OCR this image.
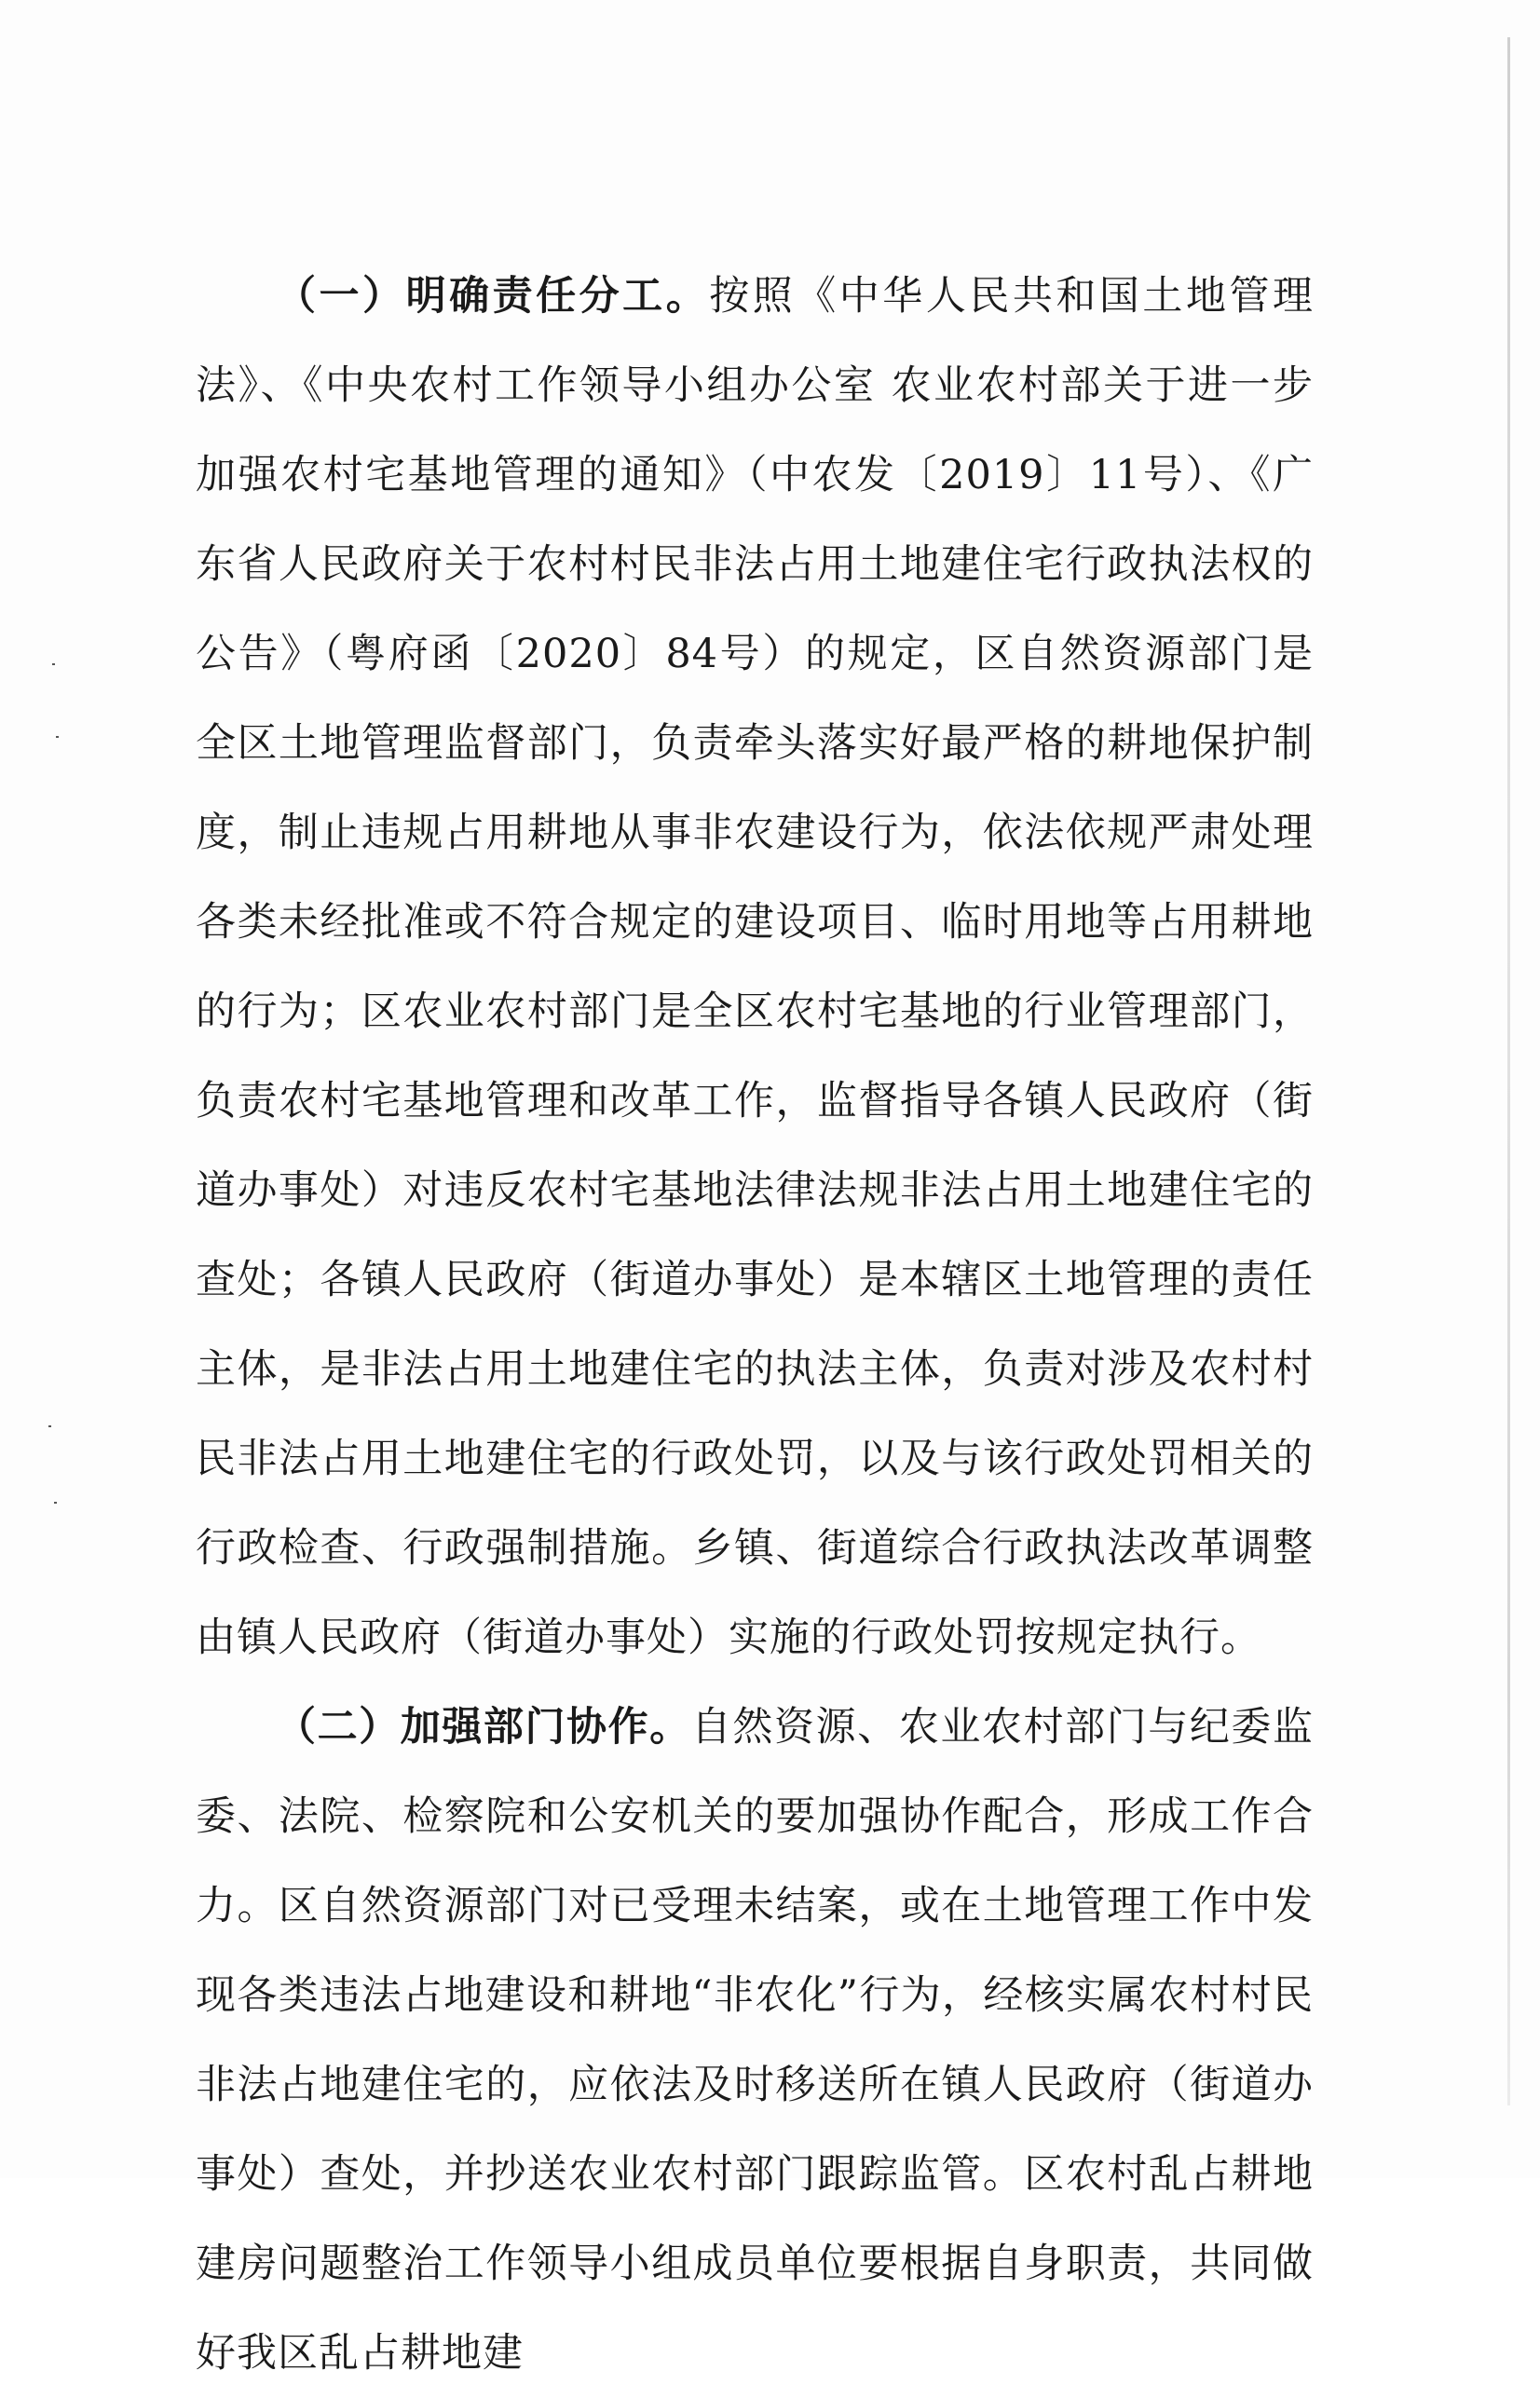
（一）明确责任分工。按照《中华人民共和国土地管理法》、《中央农村工作领导小组办公室 农业农村部关于进一步加强农村宅基地管理的通知》（中农发〔2019〕11号）、《广东省人民政府关于农村村民非法占用土地建住宅行政执法权的公告》（粤府函〔2020〕84号）的规定，区自然资源部门是全区土地管理监督部门，负责牵头落实好最严格的耕地保护制度，制止违规占用耕地从事非农建设行为，依法依规严肃处理各类未经批准或不符合规定的建设项目、临时用地等占用耕地的行为；区农业农村部门是全区农村宅基地的行业管理部门，负责农村宅基地管理和改革工作，监督指导各镇人民政府（街道办事处）对违反农村宅基地法律法规非法占用土地建住宅的查处；各镇人民政府（街道办事处）是本辖区土地管理的责任主体，是非法占用土地建住宅的执法主体，负责对涉及农村村民非法占用土地建住宅的行政处罚，以及与该行政处罚相关的行政检查、行政强制措施。乡镇、街道综合行政执法改革调整由镇人民政府（街道办事处）实施的行政处罚按规定执行。

（二）加强部门协作。自然资源、农业农村部门与纪委监委、法院、检察院和公安机关的要加强协作配合，形成工作合力。区自然资源部门对已受理未结案，或在土地管理工作中发现各类违法占地建设和耕地“非农化”行为，经核实属农村村民非法占地建住宅的，应依法及时移送所在镇人民政府（街道办事处）查处，并抄送农业农村部门跟踪监管。区农村乱占耕地建房问题整治工作领导小组成员单位要根据自身职责，共同做好我区乱占耕地建
